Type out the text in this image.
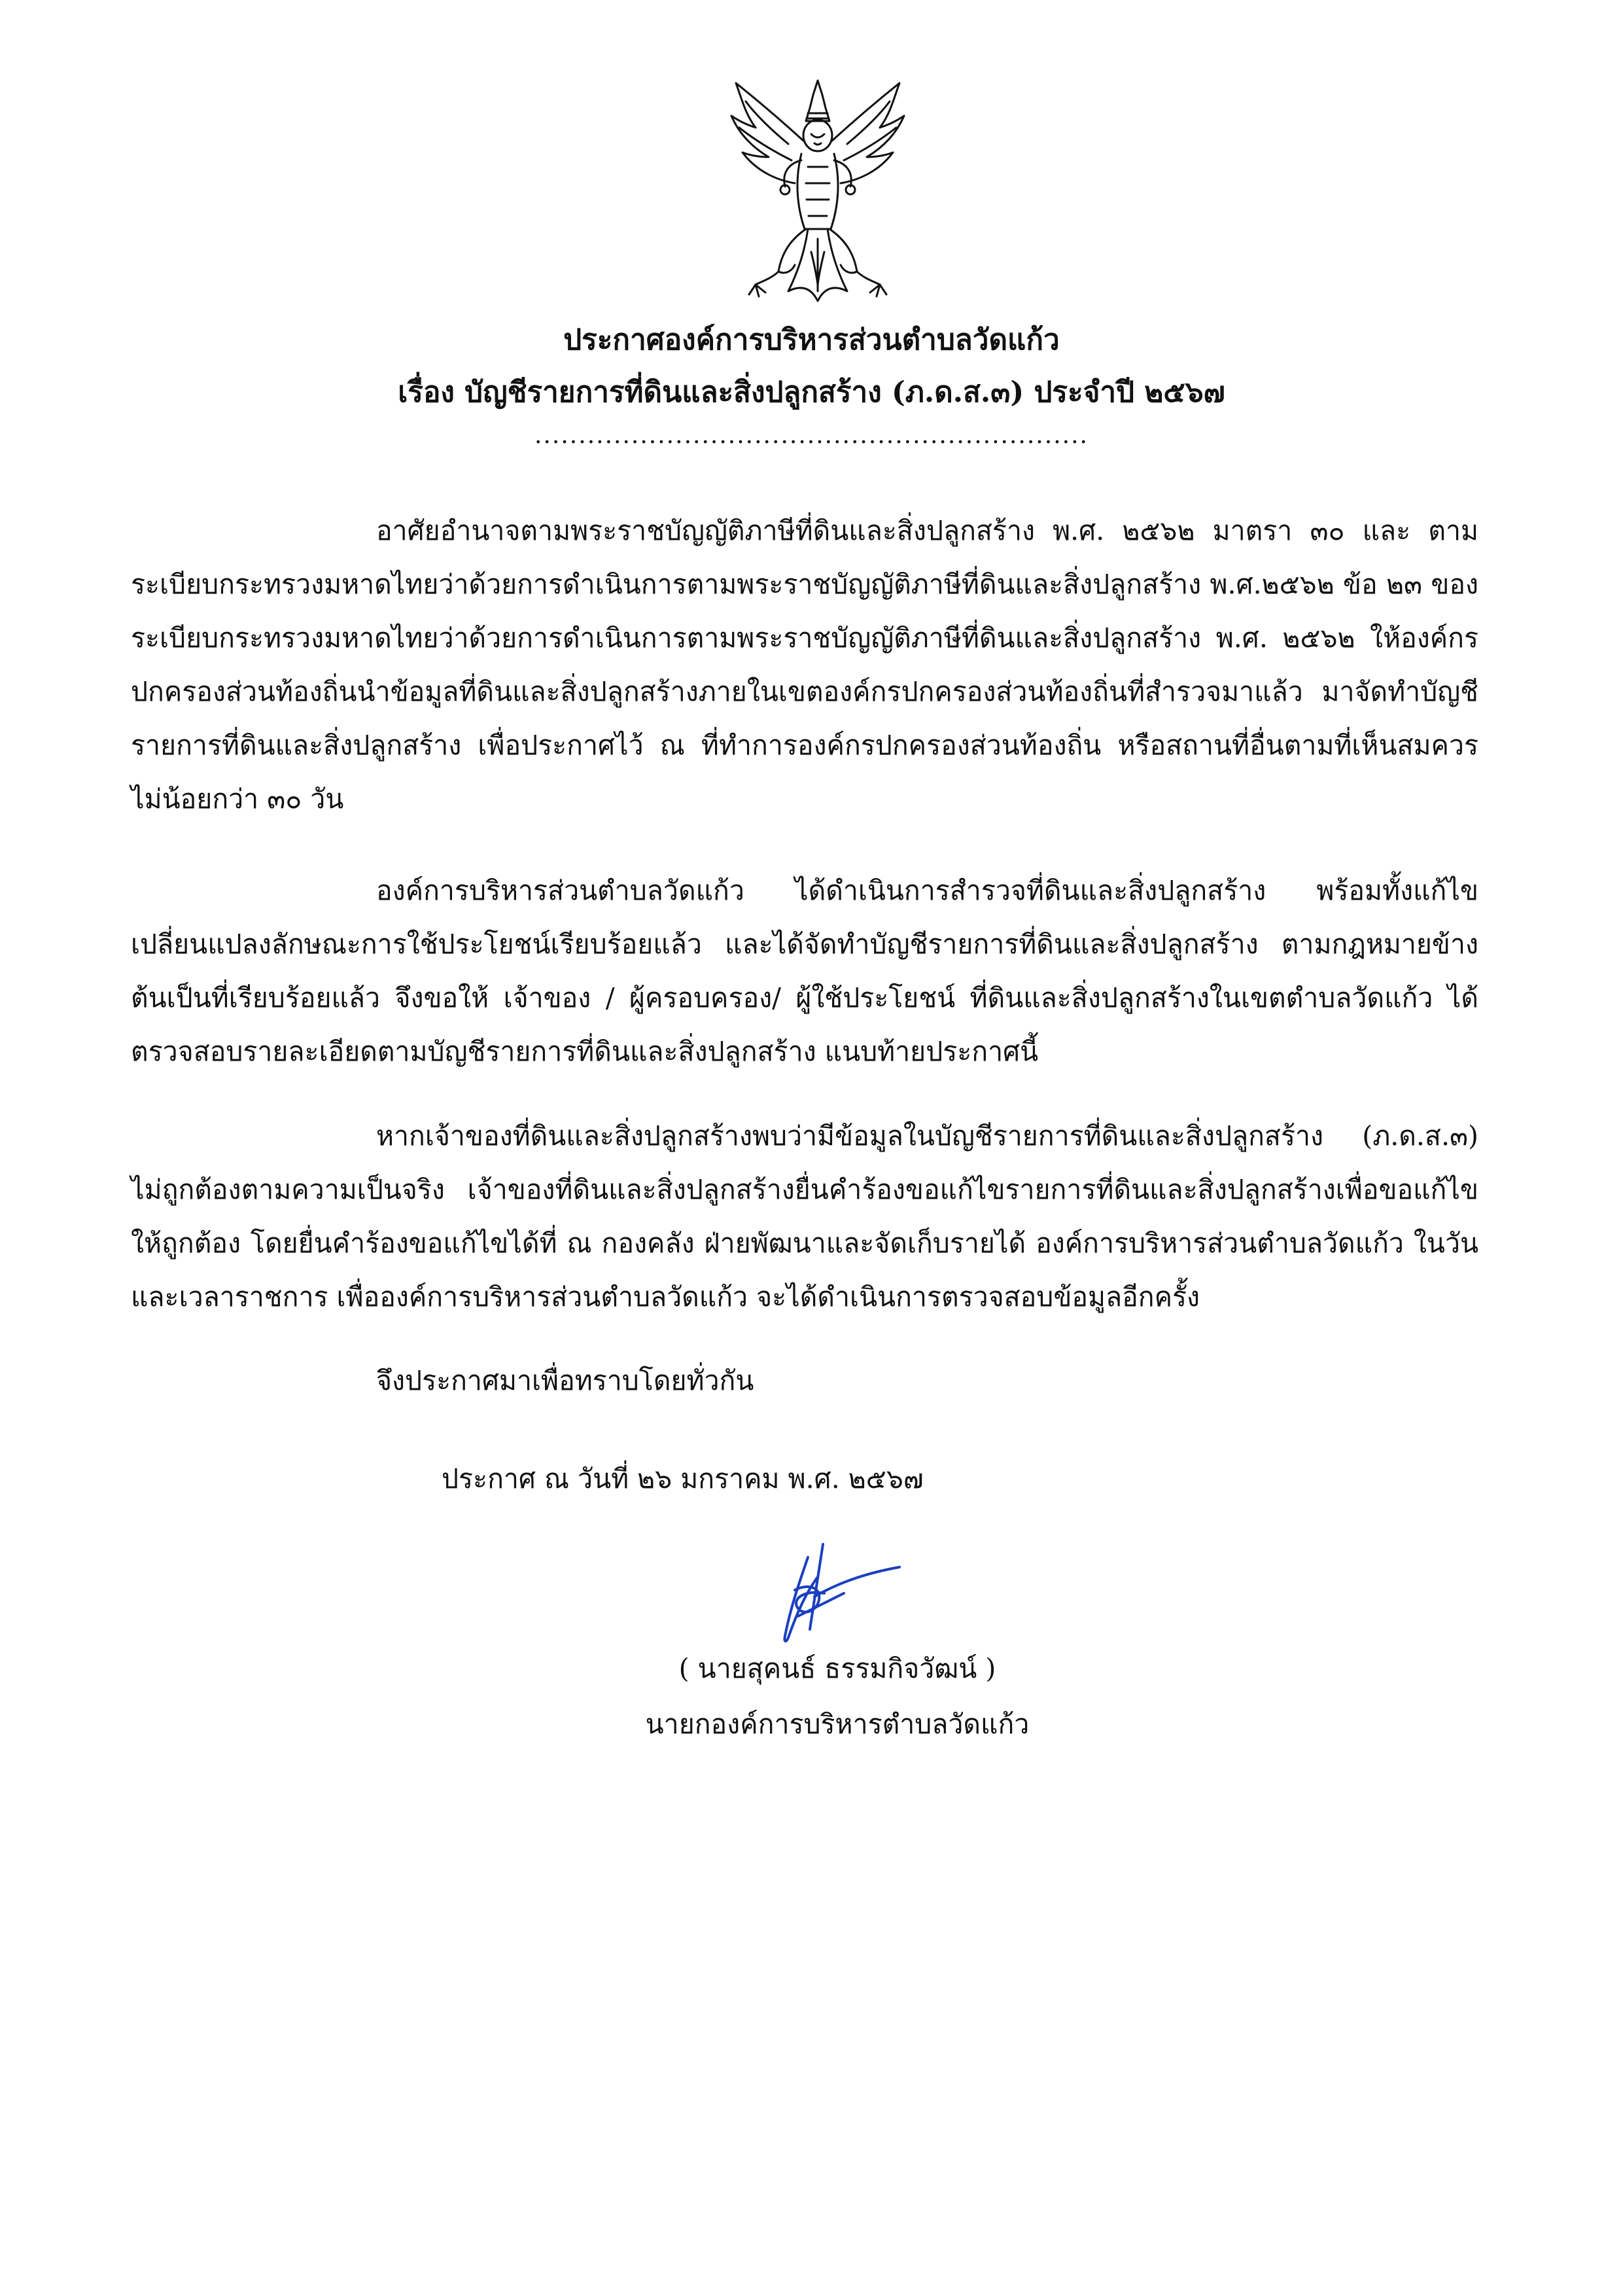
ประกาศองค์การบริหารส่วนตำบลวัดแก้ว
เรื่อง บัญชีรายการที่ดินและสิ่งปลูกสร้าง (ภ.ด.ส.๓) ประจำปี ๒๕๖๗
...............................................................
อาศัยอำนาจตามพระราชบัญญัติภาษีที่ดินและสิ่งปลูกสร้าง พ.ศ. ๒๕๖๒ มาตรา ๓๐ และ ตามระเบียบกระทรวงมหาดไทยว่าด้วยการดำเนินการตามพระราชบัญญัติภาษีที่ดินและสิ่งปลูกสร้าง พ.ศ.๒๕๖๒ ข้อ ๒๓ ของระเบียบกระทรวงมหาดไทยว่าด้วยการดำเนินการตามพระราชบัญญัติภาษีที่ดินและสิ่งปลูกสร้าง พ.ศ. ๒๕๖๒ ให้องค์กรปกครองส่วนท้องถิ่นนำข้อมูลที่ดินและสิ่งปลูกสร้างภายในเขตองค์กรปกครองส่วนท้องถิ่นที่สำรวจมาแล้ว มาจัดทำบัญชีรายการที่ดินและสิ่งปลูกสร้าง เพื่อประกาศไว้ ณ ที่ทำการองค์กรปกครองส่วนท้องถิ่น หรือสถานที่อื่นตามที่เห็นสมควร ไม่น้อยกว่า ๓๐ วัน
องค์การบริหารส่วนตำบลวัดแก้ว ได้ดำเนินการสำรวจที่ดินและสิ่งปลูกสร้าง พร้อมทั้งแก้ไขเปลี่ยนแปลงลักษณะการใช้ประโยชน์เรียบร้อยแล้ว และได้จัดทำบัญชีรายการที่ดินและสิ่งปลูกสร้าง ตามกฎหมายข้างต้นเป็นที่เรียบร้อยแล้ว จึงขอให้ เจ้าของ / ผู้ครอบครอง/ ผู้ใช้ประโยชน์ ที่ดินและสิ่งปลูกสร้างในเขตตำบลวัดแก้ว ได้ตรวจสอบรายละเอียดตามบัญชีรายการที่ดินและสิ่งปลูกสร้าง แนบท้ายประกาศนี้
หากเจ้าของที่ดินและสิ่งปลูกสร้างพบว่ามีข้อมูลในบัญชีรายการที่ดินและสิ่งปลูกสร้าง (ภ.ด.ส.๓) ไม่ถูกต้องตามความเป็นจริง เจ้าของที่ดินและสิ่งปลูกสร้างยื่นคำร้องขอแก้ไขรายการที่ดินและสิ่งปลูกสร้างเพื่อขอแก้ไขให้ถูกต้อง โดยยื่นคำร้องขอแก้ไขได้ที่ ณ กองคลัง ฝ่ายพัฒนาและจัดเก็บรายได้ องค์การบริหารส่วนตำบลวัดแก้ว ในวันและเวลาราชการ เพื่อองค์การบริหารส่วนตำบลวัดแก้ว จะได้ดำเนินการตรวจสอบข้อมูลอีกครั้ง
จึงประกาศมาเพื่อทราบโดยทั่วกัน
ประกาศ ณ วันที่ ๒๖ มกราคม พ.ศ. ๒๕๖๗
( นายสุคนธ์ ธรรมกิจวัฒน์ )
นายกองค์การบริหารตำบลวัดแก้ว
